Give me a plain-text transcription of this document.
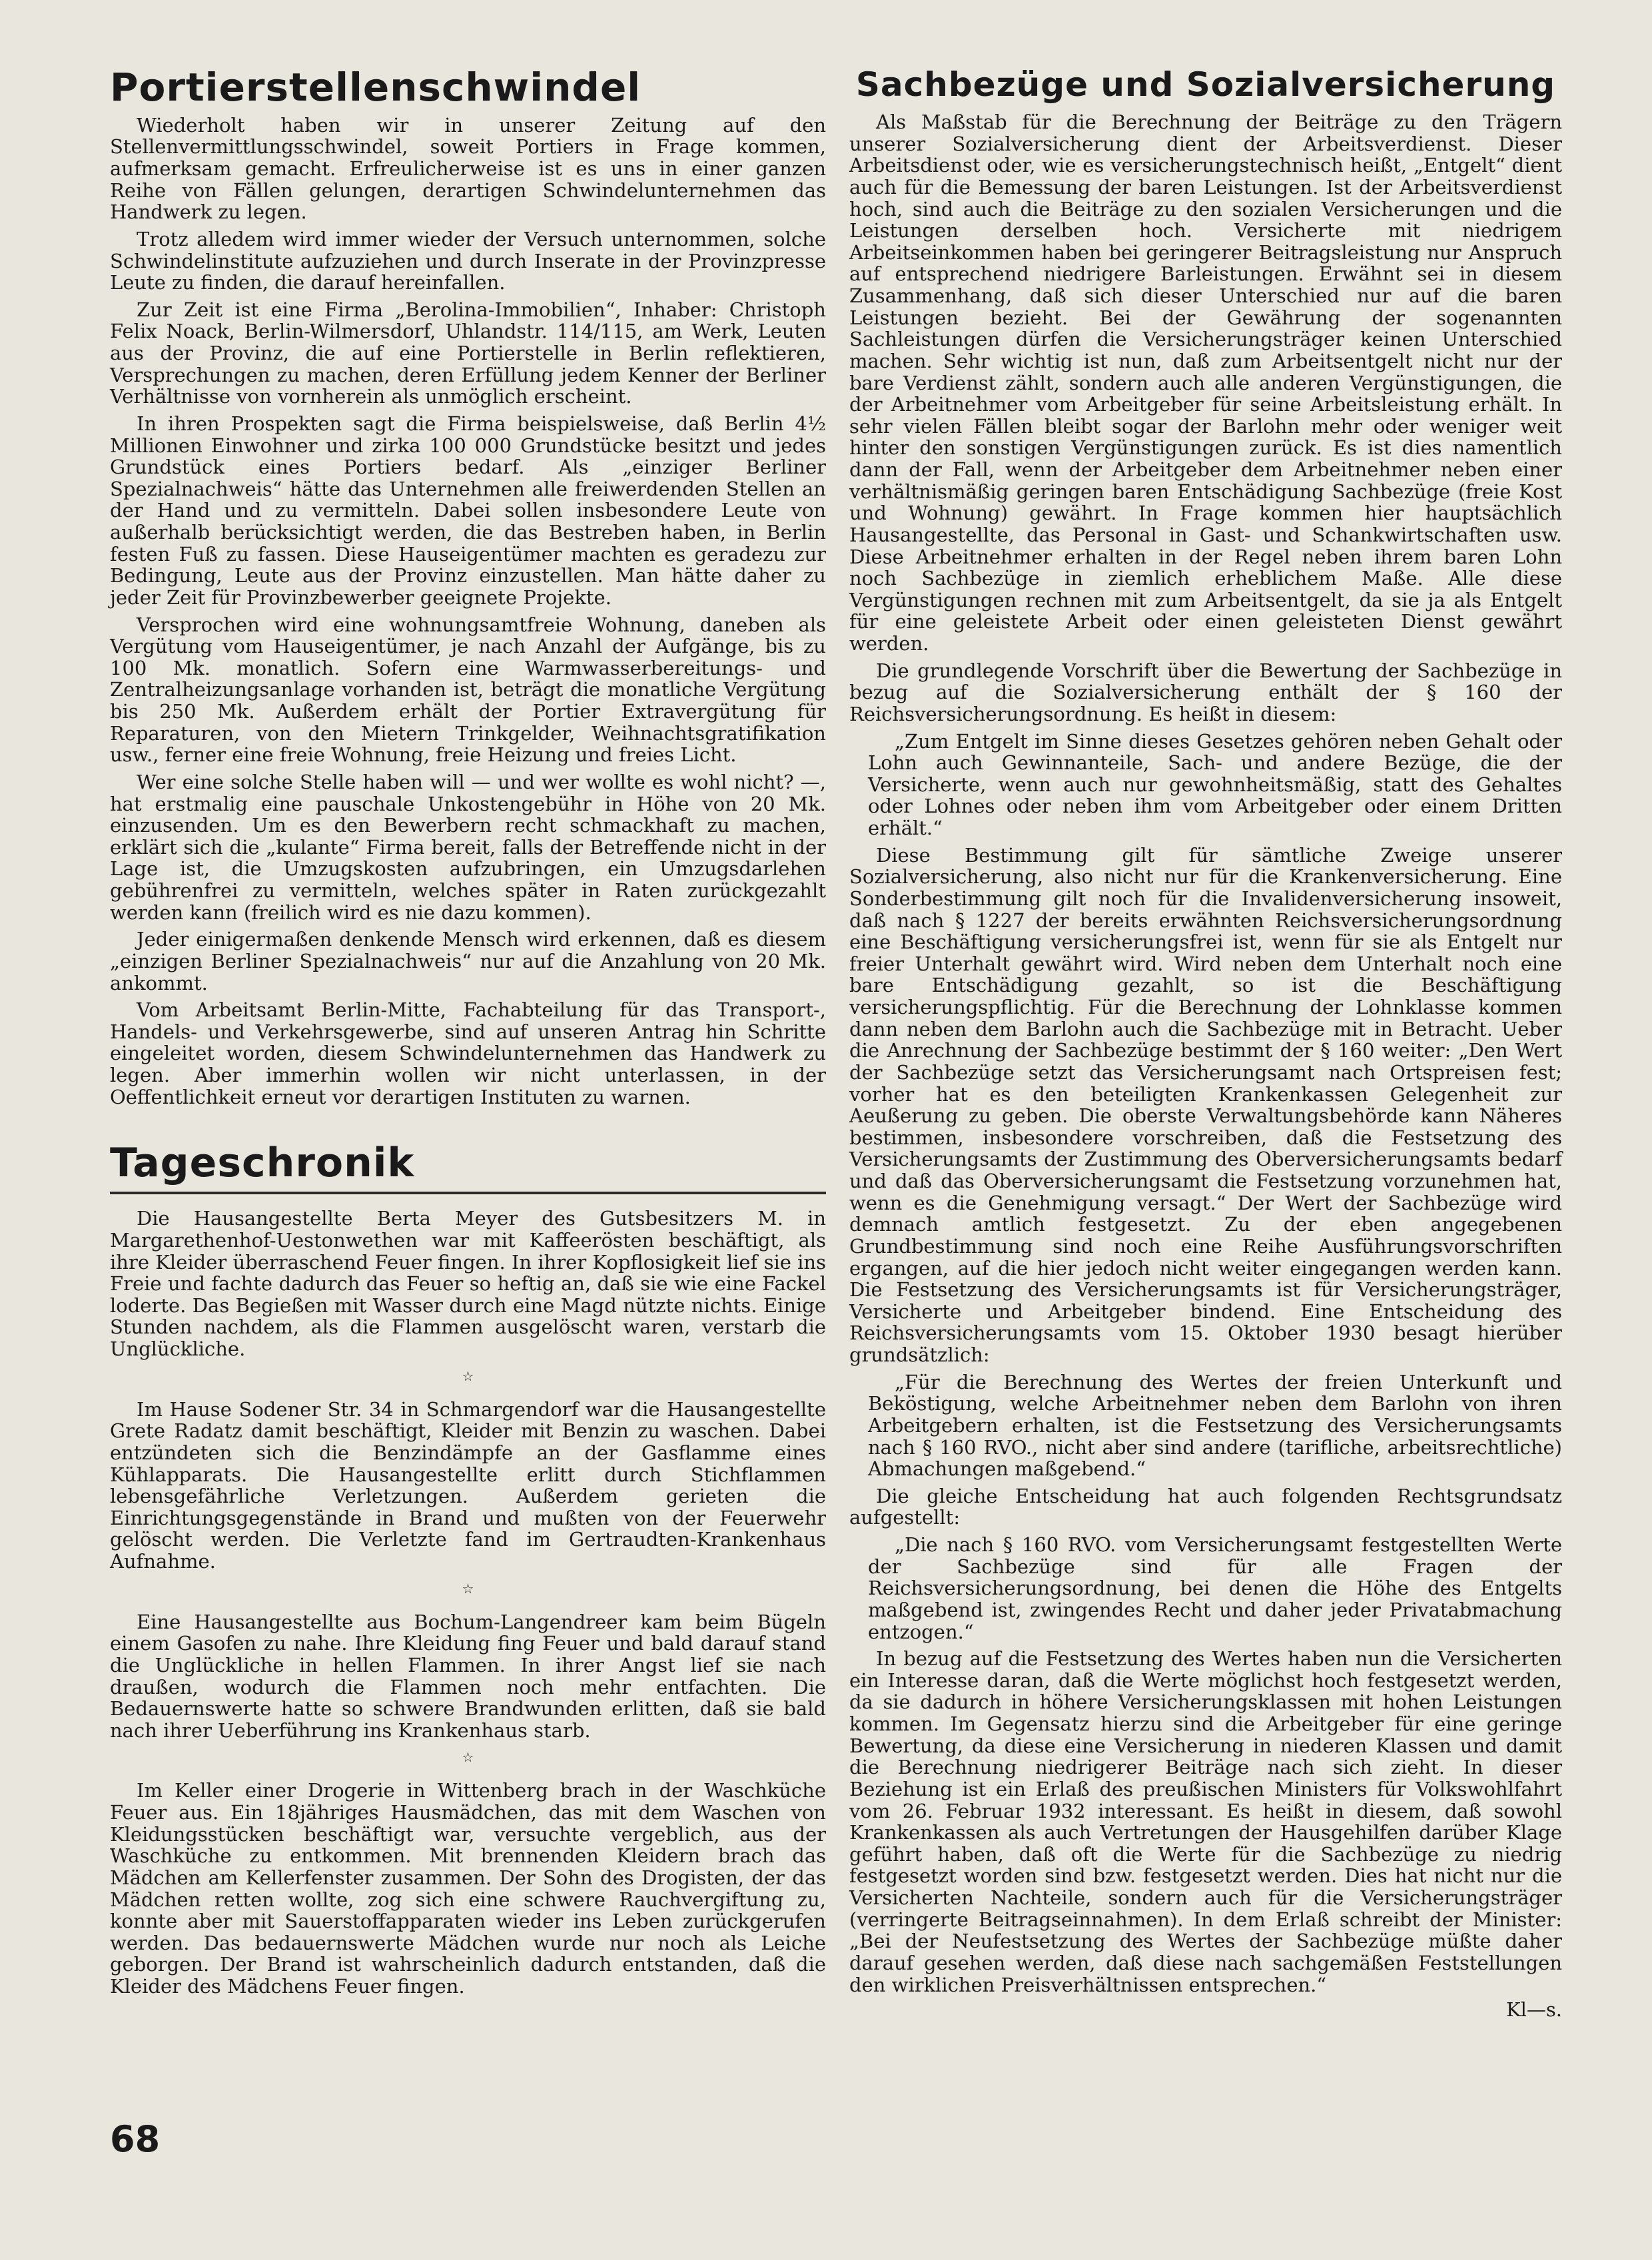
Portierstellenschwindel

Wiederholt haben wir in unserer Zeitung auf den Stellenvermittlungsschwindel, soweit Portiers in Frage kommen, aufmerksam gemacht. Erfreulicherweise ist es uns in einer ganzen Reihe von Fällen gelungen, derartigen Schwindelunternehmen das Handwerk zu legen.

Trotz alledem wird immer wieder der Versuch unternommen, solche Schwindelinstitute aufzuziehen und durch Inserate in der Provinzpresse Leute zu finden, die darauf hereinfallen.

Zur Zeit ist eine Firma „Berolina-Immobilien“, Inhaber: Christoph Felix Noack, Berlin-Wilmersdorf, Uhlandstr. 114/115, am Werk, Leuten aus der Provinz, die auf eine Portierstelle in Berlin reflektieren, Versprechungen zu machen, deren Erfüllung jedem Kenner der Berliner Verhältnisse von vornherein als unmöglich erscheint.

In ihren Prospekten sagt die Firma beispielsweise, daß Berlin 4½ Millionen Einwohner und zirka 100 000 Grundstücke besitzt und jedes Grundstück eines Portiers bedarf. Als „einziger Berliner Spezialnachweis“ hätte das Unternehmen alle freiwerdenden Stellen an der Hand und zu vermitteln. Dabei sollen insbesondere Leute von außerhalb berücksichtigt werden, die das Bestreben haben, in Berlin festen Fuß zu fassen. Diese Hauseigentümer machten es geradezu zur Bedingung, Leute aus der Provinz einzustellen. Man hätte daher zu jeder Zeit für Provinzbewerber geeignete Projekte.

Versprochen wird eine wohnungsamtfreie Wohnung, daneben als Vergütung vom Hauseigentümer, je nach Anzahl der Aufgänge, bis zu 100 Mk. monatlich. Sofern eine Warmwasserbereitungs- und Zentralheizungsanlage vorhanden ist, beträgt die monatliche Vergütung bis 250 Mk. Außerdem erhält der Portier Extravergütung für Reparaturen, von den Mietern Trinkgelder, Weihnachtsgratifikation usw., ferner eine freie Wohnung, freie Heizung und freies Licht.

Wer eine solche Stelle haben will — und wer wollte es wohl nicht? —, hat erstmalig eine pauschale Unkostengebühr in Höhe von 20 Mk. einzusenden. Um es den Bewerbern recht schmackhaft zu machen, erklärt sich die „kulante“ Firma bereit, falls der Betreffende nicht in der Lage ist, die Umzugskosten aufzubringen, ein Umzugsdarlehen gebührenfrei zu vermitteln, welches später in Raten zurückgezahlt werden kann (freilich wird es nie dazu kommen).

Jeder einigermaßen denkende Mensch wird erkennen, daß es diesem „einzigen Berliner Spezialnachweis“ nur auf die Anzahlung von 20 Mk. ankommt.

Vom Arbeitsamt Berlin-Mitte, Fachabteilung für das Transport-, Handels- und Verkehrsgewerbe, sind auf unseren Antrag hin Schritte eingeleitet worden, diesem Schwindelunternehmen das Handwerk zu legen. Aber immerhin wollen wir nicht unterlassen, in der Oeffentlichkeit erneut vor derartigen Instituten zu warnen.

Tageschronik

Die Hausangestellte Berta Meyer des Gutsbesitzers M. in Margarethenhof-Uestonwethen war mit Kaffeerösten beschäftigt, als ihre Kleider überraschend Feuer fingen. In ihrer Kopflosigkeit lief sie ins Freie und fachte dadurch das Feuer so heftig an, daß sie wie eine Fackel loderte. Das Begießen mit Wasser durch eine Magd nützte nichts. Einige Stunden nachdem, als die Flammen ausgelöscht waren, verstarb die Unglückliche.

☆

Im Hause Sodener Str. 34 in Schmargendorf war die Hausangestellte Grete Radatz damit beschäftigt, Kleider mit Benzin zu waschen. Dabei entzündeten sich die Benzindämpfe an der Gasflamme eines Kühlapparats. Die Hausangestellte erlitt durch Stichflammen lebensgefährliche Verletzungen. Außerdem gerieten die Einrichtungsgegenstände in Brand und mußten von der Feuerwehr gelöscht werden. Die Verletzte fand im Gertraudten-Krankenhaus Aufnahme.

☆

Eine Hausangestellte aus Bochum-Langendreer kam beim Bügeln einem Gasofen zu nahe. Ihre Kleidung fing Feuer und bald darauf stand die Unglückliche in hellen Flammen. In ihrer Angst lief sie nach draußen, wodurch die Flammen noch mehr entfachten. Die Bedauernswerte hatte so schwere Brandwunden erlitten, daß sie bald nach ihrer Ueberführung ins Krankenhaus starb.

☆

Im Keller einer Drogerie in Wittenberg brach in der Waschküche Feuer aus. Ein 18jähriges Hausmädchen, das mit dem Waschen von Kleidungsstücken beschäftigt war, versuchte vergeblich, aus der Waschküche zu entkommen. Mit brennenden Kleidern brach das Mädchen am Kellerfenster zusammen. Der Sohn des Drogisten, der das Mädchen retten wollte, zog sich eine schwere Rauchvergiftung zu, konnte aber mit Sauerstoffapparaten wieder ins Leben zurückgerufen werden. Das bedauernswerte Mädchen wurde nur noch als Leiche geborgen. Der Brand ist wahrscheinlich dadurch entstanden, daß die Kleider des Mädchens Feuer fingen.

Sachbezüge und Sozialversicherung

Als Maßstab für die Berechnung der Beiträge zu den Trägern unserer Sozialversicherung dient der Arbeitsverdienst. Dieser Arbeitsdienst oder, wie es versicherungstechnisch heißt, „Entgelt“ dient auch für die Bemessung der baren Leistungen. Ist der Arbeitsverdienst hoch, sind auch die Beiträge zu den sozialen Versicherungen und die Leistungen derselben hoch. Versicherte mit niedrigem Arbeitseinkommen haben bei geringerer Beitragsleistung nur Anspruch auf entsprechend niedrigere Barleistungen. Erwähnt sei in diesem Zusammenhang, daß sich dieser Unterschied nur auf die baren Leistungen bezieht. Bei der Gewährung der sogenannten Sachleistungen dürfen die Versicherungsträger keinen Unterschied machen. Sehr wichtig ist nun, daß zum Arbeitsentgelt nicht nur der bare Verdienst zählt, sondern auch alle anderen Vergünstigungen, die der Arbeitnehmer vom Arbeitgeber für seine Arbeitsleistung erhält. In sehr vielen Fällen bleibt sogar der Barlohn mehr oder weniger weit hinter den sonstigen Vergünstigungen zurück. Es ist dies namentlich dann der Fall, wenn der Arbeitgeber dem Arbeitnehmer neben einer verhältnismäßig geringen baren Entschädigung Sachbezüge (freie Kost und Wohnung) gewährt. In Frage kommen hier hauptsächlich Hausangestellte, das Personal in Gast- und Schankwirtschaften usw. Diese Arbeitnehmer erhalten in der Regel neben ihrem baren Lohn noch Sachbezüge in ziemlich erheblichem Maße. Alle diese Vergünstigungen rechnen mit zum Arbeitsentgelt, da sie ja als Entgelt für eine geleistete Arbeit oder einen geleisteten Dienst gewährt werden.

Die grundlegende Vorschrift über die Bewertung der Sachbezüge in bezug auf die Sozialversicherung enthält der § 160 der Reichsversicherungsordnung. Es heißt in diesem:

„Zum Entgelt im Sinne dieses Gesetzes gehören neben Gehalt oder Lohn auch Gewinnanteile, Sach- und andere Bezüge, die der Versicherte, wenn auch nur gewohnheitsmäßig, statt des Gehaltes oder Lohnes oder neben ihm vom Arbeitgeber oder einem Dritten erhält.“

Diese Bestimmung gilt für sämtliche Zweige unserer Sozialversicherung, also nicht nur für die Krankenversicherung. Eine Sonderbestimmung gilt noch für die Invalidenversicherung insoweit, daß nach § 1227 der bereits erwähnten Reichsversicherungsordnung eine Beschäftigung versicherungsfrei ist, wenn für sie als Entgelt nur freier Unterhalt gewährt wird. Wird neben dem Unterhalt noch eine bare Entschädigung gezahlt, so ist die Beschäftigung versicherungspflichtig. Für die Berechnung der Lohnklasse kommen dann neben dem Barlohn auch die Sachbezüge mit in Betracht. Ueber die Anrechnung der Sachbezüge bestimmt der § 160 weiter: „Den Wert der Sachbezüge setzt das Versicherungsamt nach Ortspreisen fest; vorher hat es den beteiligten Krankenkassen Gelegenheit zur Aeußerung zu geben. Die oberste Verwaltungsbehörde kann Näheres bestimmen, insbesondere vorschreiben, daß die Festsetzung des Versicherungsamts der Zustimmung des Oberversicherungsamts bedarf und daß das Oberversicherungsamt die Festsetzung vorzunehmen hat, wenn es die Genehmigung versagt.“ Der Wert der Sachbezüge wird demnach amtlich festgesetzt. Zu der eben angegebenen Grundbestimmung sind noch eine Reihe Ausführungsvorschriften ergangen, auf die hier jedoch nicht weiter eingegangen werden kann. Die Festsetzung des Versicherungsamts ist für Versicherungsträger, Versicherte und Arbeitgeber bindend. Eine Entscheidung des Reichsversicherungsamts vom 15. Oktober 1930 besagt hierüber grundsätzlich:

„Für die Berechnung des Wertes der freien Unterkunft und Beköstigung, welche Arbeitnehmer neben dem Barlohn von ihren Arbeitgebern erhalten, ist die Festsetzung des Versicherungsamts nach § 160 RVO., nicht aber sind andere (tarifliche, arbeitsrechtliche) Abmachungen maßgebend.“

Die gleiche Entscheidung hat auch folgenden Rechtsgrundsatz aufgestellt:

„Die nach § 160 RVO. vom Versicherungsamt festgestellten Werte der Sachbezüge sind für alle Fragen der Reichsversicherungsordnung, bei denen die Höhe des Entgelts maßgebend ist, zwingendes Recht und daher jeder Privatabmachung entzogen.“

In bezug auf die Festsetzung des Wertes haben nun die Versicherten ein Interesse daran, daß die Werte möglichst hoch festgesetzt werden, da sie dadurch in höhere Versicherungsklassen mit hohen Leistungen kommen. Im Gegensatz hierzu sind die Arbeitgeber für eine geringe Bewertung, da diese eine Versicherung in niederen Klassen und damit die Berechnung niedrigerer Beiträge nach sich zieht. In dieser Beziehung ist ein Erlaß des preußischen Ministers für Volkswohlfahrt vom 26. Februar 1932 interessant. Es heißt in diesem, daß sowohl Krankenkassen als auch Vertretungen der Hausgehilfen darüber Klage geführt haben, daß oft die Werte für die Sachbezüge zu niedrig festgesetzt worden sind bzw. festgesetzt werden. Dies hat nicht nur die Versicherten Nachteile, sondern auch für die Versicherungsträger (verringerte Beitragseinnahmen). In dem Erlaß schreibt der Minister: „Bei der Neufestsetzung des Wertes der Sachbezüge müßte daher darauf gesehen werden, daß diese nach sachgemäßen Feststellungen den wirklichen Preisverhältnissen entsprechen.“

Kl—s.
68
